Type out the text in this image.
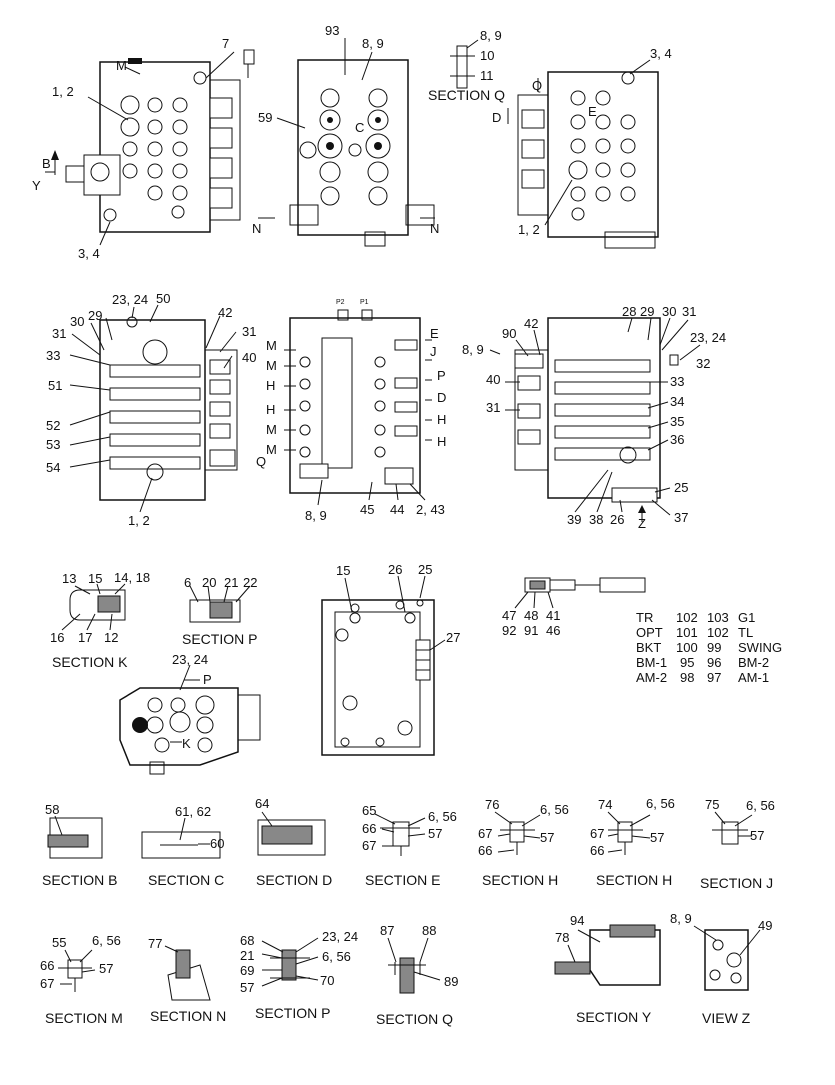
7
M
1, 2
B
Y
3, 4
93
8, 9
59
C
N	N
8, 9
10
11
SECTION Q
3, 4
Q
D	E
1, 2
23, 24 50
30 29
31
42
31
33	40
51
52
53
54
1, 2
P2 P1
M
M
H
H
M
M
Q
E
J
P
D
H
H
8, 9	45 44 2, 43
42
90
8, 9
28 29 30 31
23, 24
32
40	33
31	34
35
36
25
39 38 26 Z 37
13 15 14, 18
16 17 12
SECTION K
6 20 21 22
SECTION P
23, 24
P
K
15	26 25
27
47 48 41
92 91 46
TR 102 103 G1
OPT 101 102 TL
BKT 100 99 SWING
BM-1 95 96 BM-2
AM-2 98 97 AM-1
58
SECTION B
61, 62
60
SECTION C
64
SECTION D
65	6, 56
66	57
67
SECTION E
76	6, 56
67	57
66
SECTION H
74	6, 56
67	57
66
SECTION H
75 6, 56
57
SECTION J
55 6, 56
66	57
67
SECTION M
77
SECTION N
68	23, 24
21	6, 56
69
57	70
SECTION P
87 88
89
SECTION Q
94
78
SECTION Y
8, 9	49
VIEW Z
